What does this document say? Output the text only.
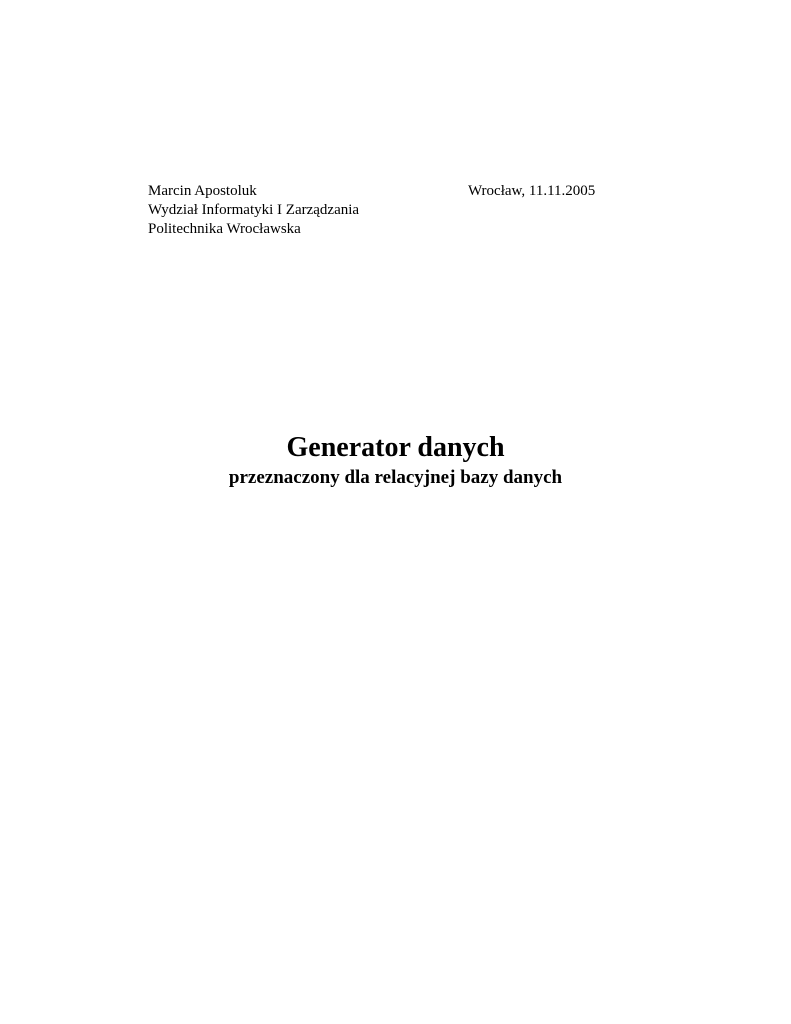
Marcin Apostoluk
Wydział Informatyki I Zarządzania
Politechnika Wrocławska
Wrocław, 11.11.2005
Generator danych
przeznaczony dla relacyjnej bazy danych
